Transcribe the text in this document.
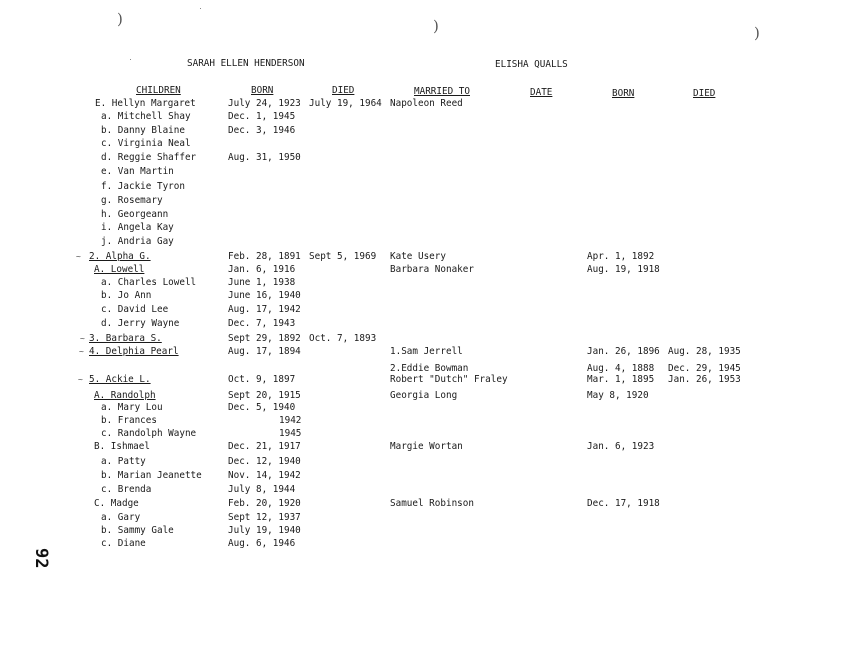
)	)	)
SARAH ELLEN HENDERSON	ELISHA QUALLS
CHILDREN	BORN	DIED	MARRIED TO	DATE	BORN	DIED
E. Hellyn Margaret	July 24, 1923 July 19, 1964 Napoleon Reed
a. Mitchell Shay	Dec. 1, 1945
b. Danny Blaine	Dec. 3, 1946
c. Virginia Neal
d. Reggie Shaffer	Aug. 31, 1950
e. Van Martin
f. Jackie Tyron
g. Rosemary
h. Georgeann
i. Angela Kay
j. Andria Gay
2. Alpha G.	Feb. 28, 1891 Sept 5, 1969 Kate Usery	Apr. 1, 1892
A. Lowell	Jan. 6, 1916	Barbara Nonaker	Aug. 19, 1918
a. Charles Lowell	June 1, 1938
b. Jo Ann	June 16, 1940
c. David Lee	Aug. 17, 1942
d. Jerry Wayne	Dec. 7, 1943
3. Barbara S.	Sept 29, 1892 Oct. 7, 1893
4. Delphia Pearl	Aug. 17, 1894	1.Sam Jerrell	Jan. 26, 1896 Aug. 28, 1935
2.Eddie Bowman	Aug. 4, 1888 Dec. 29, 1945
5. Ackie L.	Oct. 9, 1897	Robert "Dutch" Fraley	Mar. 1, 1895 Jan. 26, 1953
A. Randolph	Sept 20, 1915	Georgia Long	May 8, 1920
a. Mary Lou	Dec. 5, 1940
b. Frances	1942
c. Randolph Wayne	1945
B. Ishmael	Dec. 21, 1917	Margie Wortan	Jan. 6, 1923
a. Patty	Dec. 12, 1940
b. Marian Jeanette	Nov. 14, 1942
c. Brenda	July 8, 1944
C. Madge	Feb. 20, 1920	Samuel Robinson	Dec. 17, 1918
a. Gary	Sept 12, 1937
b. Sammy Gale	July 19, 1940
c. Diane	Aug. 6, 1946
~
~
~
~
92
